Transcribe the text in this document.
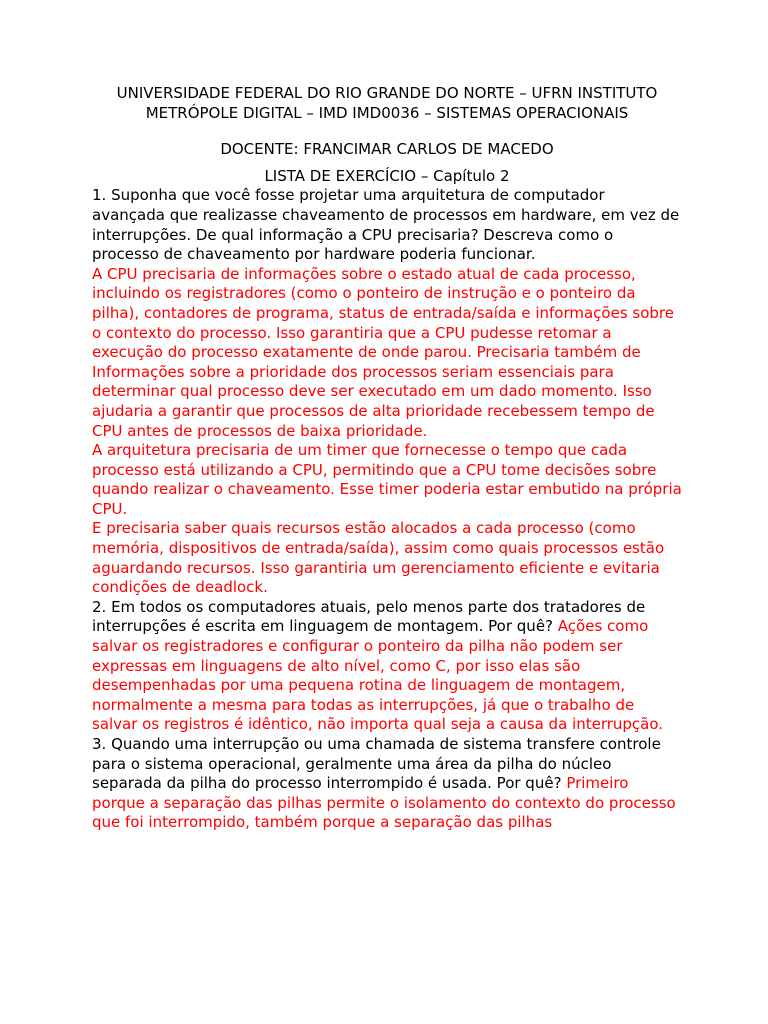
UNIVERSIDADE FEDERAL DO RIO GRANDE DO NORTE – UFRN INSTITUTO METRÓPOLE DIGITAL – IMD IMD0036 – SISTEMAS OPERACIONAIS

DOCENTE: FRANCIMAR CARLOS DE MACEDO

LISTA DE EXERCÍCIO – Capítulo 2

1. Suponha que você fosse projetar uma arquitetura de computador avançada que realizasse chaveamento de processos em hardware, em vez de interrupções. De qual informação a CPU precisaria? Descreva como o processo de chaveamento por hardware poderia funcionar.

A CPU precisaria de informações sobre o estado atual de cada processo, incluindo os registradores (como o ponteiro de instrução e o ponteiro da pilha), contadores de programa, status de entrada/saída e informações sobre o contexto do processo. Isso garantiria que a CPU pudesse retomar a execução do processo exatamente de onde parou. Precisaria também de Informações sobre a prioridade dos processos seriam essenciais para determinar qual processo deve ser executado em um dado momento. Isso ajudaria a garantir que processos de alta prioridade recebessem tempo de CPU antes de processos de baixa prioridade.

A arquitetura precisaria de um timer que fornecesse o tempo que cada processo está utilizando a CPU, permitindo que a CPU tome decisões sobre quando realizar o chaveamento. Esse timer poderia estar embutido na própria CPU.

E precisaria saber quais recursos estão alocados a cada processo (como memória, dispositivos de entrada/saída), assim como quais processos estão aguardando recursos. Isso garantiria um gerenciamento eficiente e evitaria condições de deadlock.

2. Em todos os computadores atuais, pelo menos parte dos tratadores de interrupções é escrita em linguagem de montagem. Por quê? Ações como salvar os registradores e configurar o ponteiro da pilha não podem ser expressas em linguagens de alto nível, como C, por isso elas são desempenhadas por uma pequena rotina de linguagem de montagem, normalmente a mesma para todas as interrupções, já que o trabalho de salvar os registros é idêntico, não importa qual seja a causa da interrupção.

3. Quando uma interrupção ou uma chamada de sistema transfere controle para o sistema operacional, geralmente uma área da pilha do núcleo separada da pilha do processo interrompido é usada. Por quê? Primeiro porque a separação das pilhas permite o isolamento do contexto do processo que foi interrompido, também porque a separação das pilhas
